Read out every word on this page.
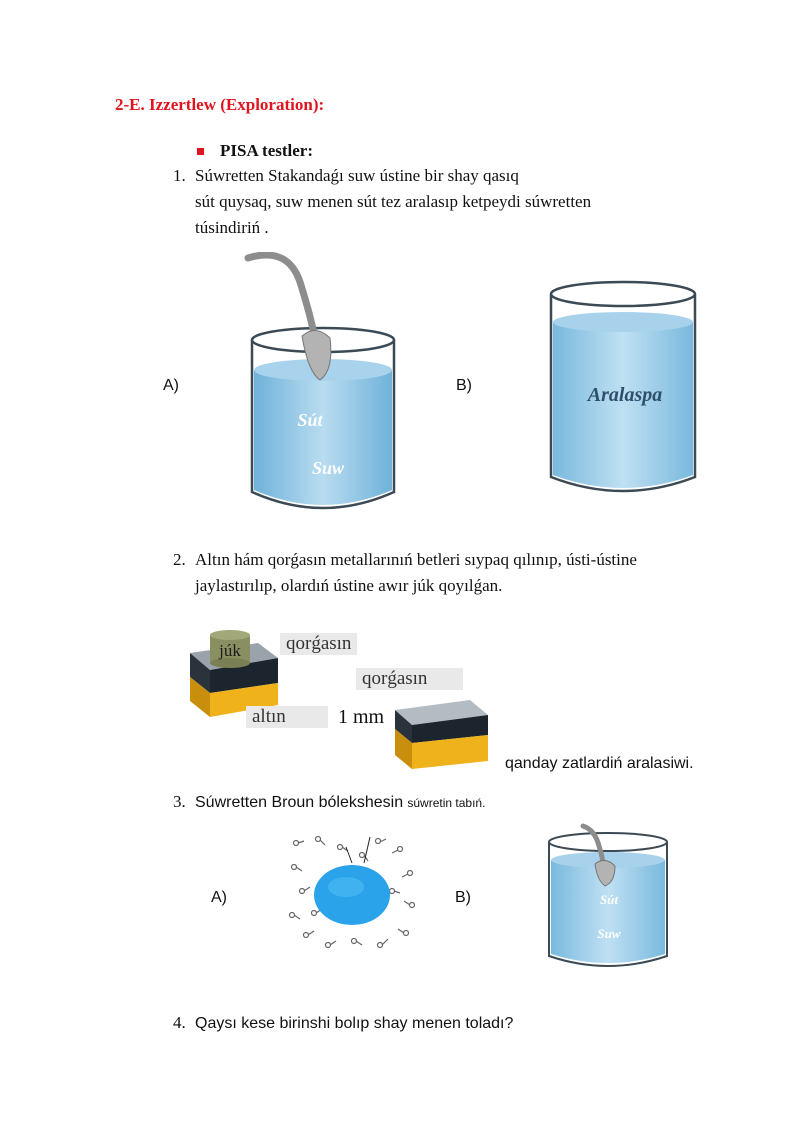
2-E. Izzertlew (Exploration):
PISA testler:
1. Súwretten Stakandaǵı suw ústine bir shay qasıq
sút quysaq, suw menen sút tez aralasıp ketpeydi súwretten
túsindiriń .
A)	B)
Sút
Suw
Aralaspa
2. Altın hám qorǵasın metallarınıń betleri sıypaq qılınıp, ústi-ústine
jaylastırılıp, olardıń ústine awır júk qoyılǵan.
júk	qorǵasın
qorǵasın
altın	1 mm
qanday zatlardiń aralasiwi.
3. Súwretten Broun bólekshesin súwretin tabıń.
A)	B)	Sút
Suw
4. Qaysı kese birinshi bolıp shay menen toladı?
